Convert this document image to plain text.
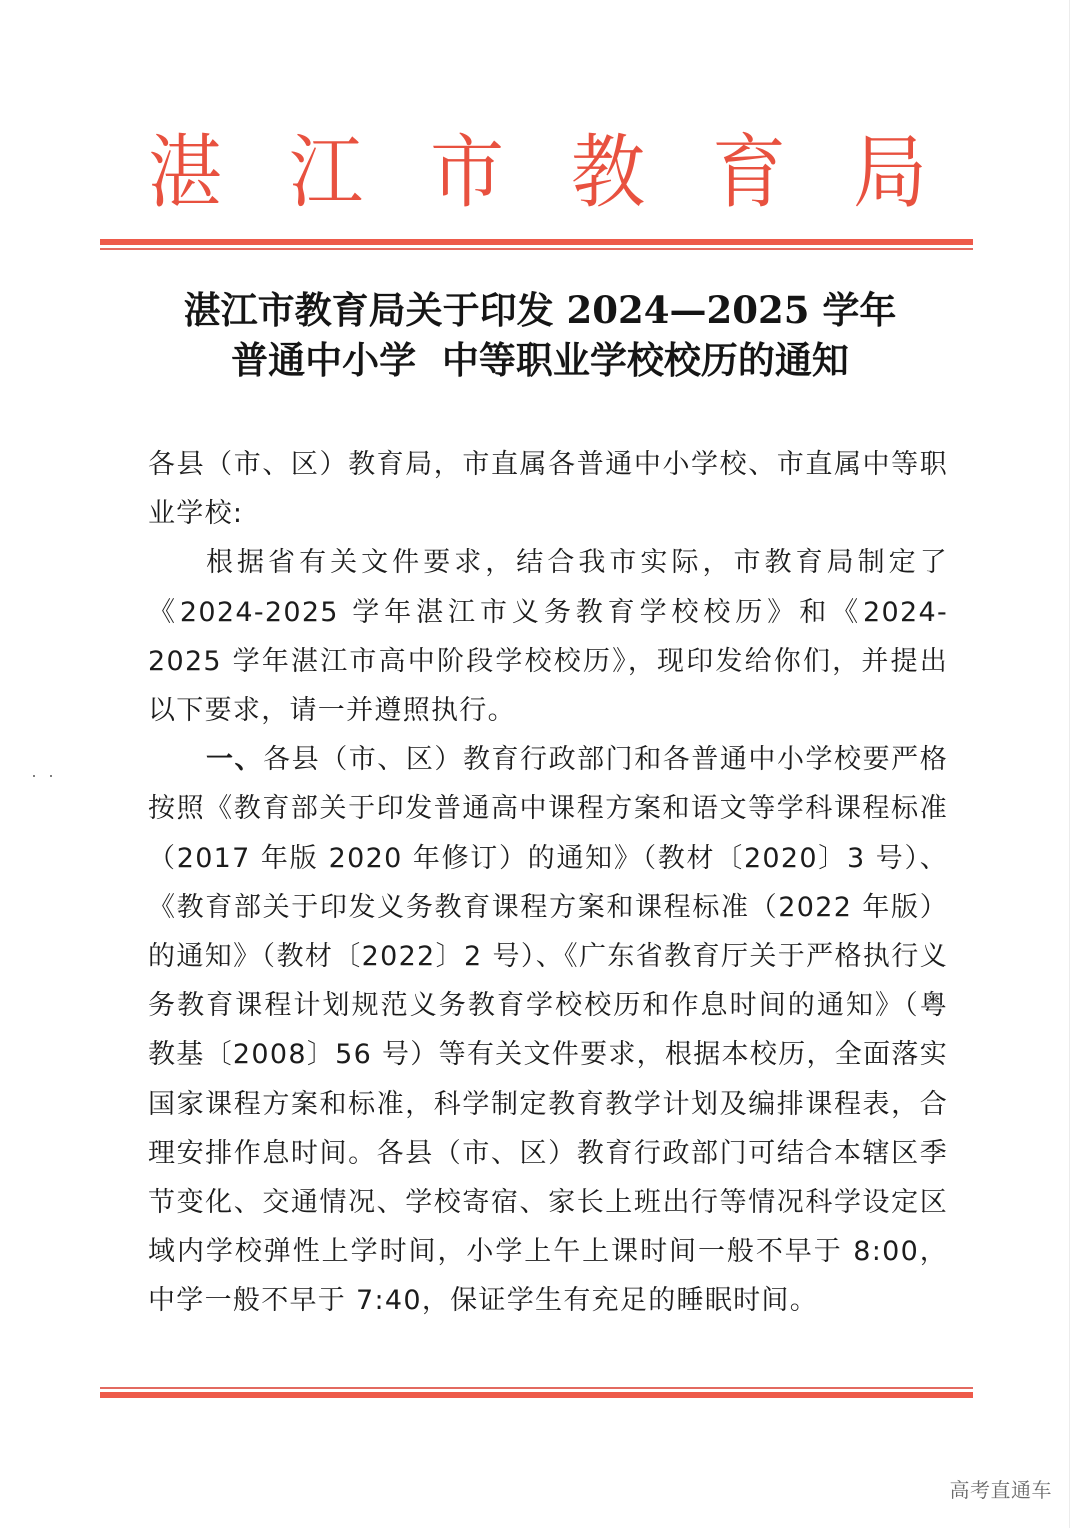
湛 江 市 教 育 局
湛江市教育局关于印发 2024—2025 学年
普通中小学  中等职业学校校历的通知

各县（市、区）教育局，市直属各普通中小学校、市直属中等职业学校:

根据省有关文件要求，结合我市实际，市教育局制定了《2024-2025 学年湛江市义务教育学校校历》和《2024-2025 学年湛江市高中阶段学校校历》，现印发给你们，并提出以下要求，请一并遵照执行。

一、各县（市、区）教育行政部门和各普通中小学校要严格按照《教育部关于印发普通高中课程方案和语文等学科课程标准（2017 年版 2020 年修订）的通知》（教材〔2020〕3 号）、《教育部关于印发义务教育课程方案和课程标准（2022 年版）的通知》（教材〔2022〕2 号）、《广东省教育厅关于严格执行义务教育课程计划规范义务教育学校校历和作息时间的通知》（粤教基〔2008〕56 号）等有关文件要求，根据本校历，全面落实国家课程方案和标准，科学制定教育教学计划及编排课程表，合理安排作息时间。各县（市、区）教育行政部门可结合本辖区季节变化、交通情况、学校寄宿、家长上班出行等情况科学设定区域内学校弹性上学时间，小学上午上课时间一般不早于 8:00，中学一般不早于 7:40，保证学生有充足的睡眠时间。

高考直通车
